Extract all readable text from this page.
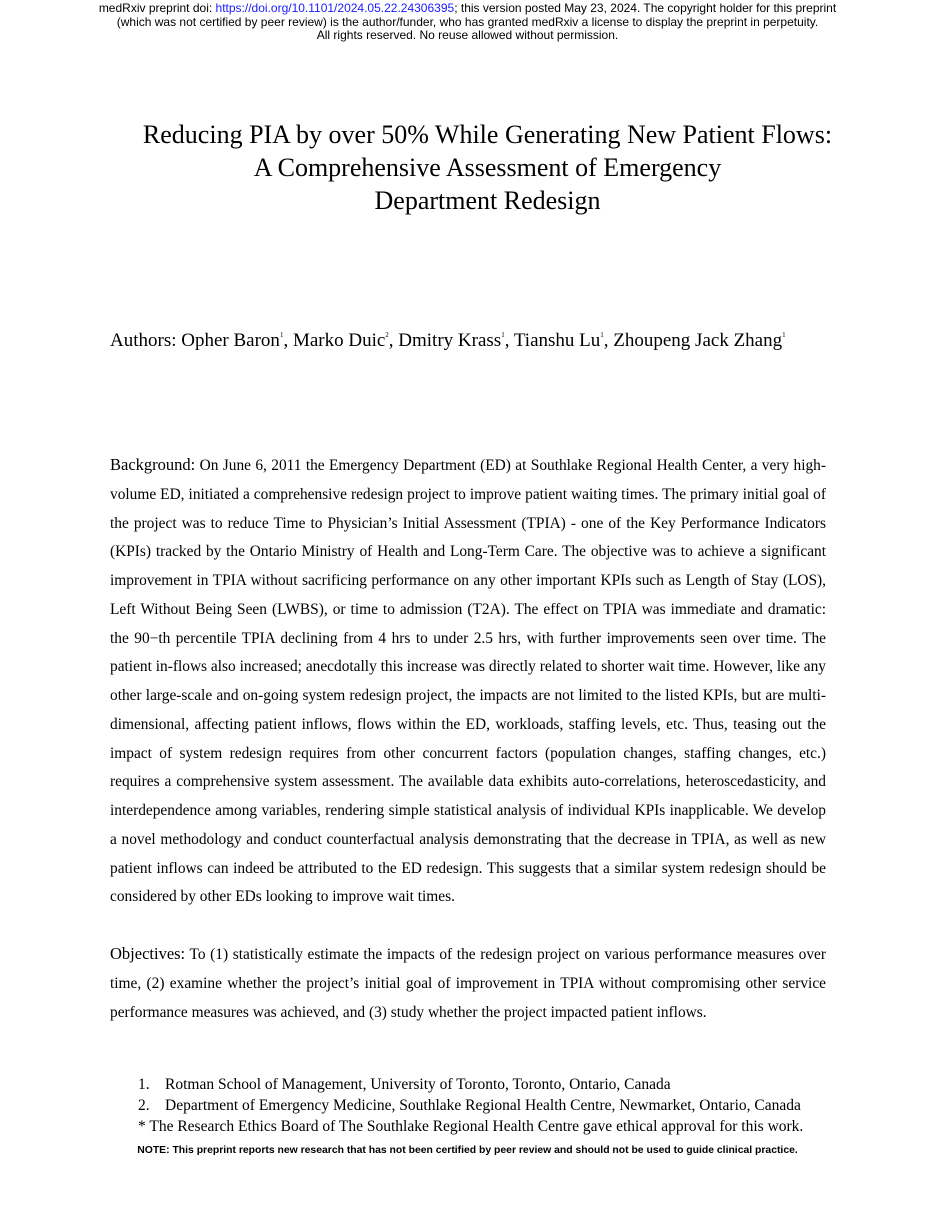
medRxiv preprint doi: https://doi.org/10.1101/2024.05.22.24306395; this version posted May 23, 2024. The copyright holder for this preprint
(which was not certified by peer review) is the author/funder, who has granted medRxiv a license to display the preprint in perpetuity.
All rights reserved. No reuse allowed without permission.
Reducing PIA by over 50% While Generating New Patient Flows:
A Comprehensive Assessment of Emergency
Department Redesign
Authors: Opher Baron$^1$, Marko Duic$^2$, Dmitry Krass$^1$, Tianshu Lu$^1$, Zhoupeng Jack Zhang$^1$
Background: On June 6, 2011 the Emergency Department (ED) at Southlake Regional Health Center, a very high-volume ED, initiated a comprehensive redesign project to improve patient waiting times. The primary initial goal of the project was to reduce Time to Physician’s Initial Assessment (TPIA) - one of the Key Performance Indicators (KPIs) tracked by the Ontario Ministry of Health and Long-Term Care. The objective was to achieve a significant improvement in TPIA without sacrificing performance on any other important KPIs such as Length of Stay (LOS), Left Without Being Seen (LWBS), or time to admission (T2A). The effect on TPIA was immediate and dramatic: the 90−th percentile TPIA declining from 4 hrs to under 2.5 hrs, with further improvements seen over time. The patient in-flows also increased; anecdotally this increase was directly related to shorter wait time. However, like any other large-scale and on-going system redesign project, the impacts are not limited to the listed KPIs, but are multi-dimensional, affecting patient inflows, flows within the ED, workloads, staffing levels, etc. Thus, teasing out the impact of system redesign requires from other concurrent factors (population changes, staffing changes, etc.) requires a comprehensive system assessment. The available data exhibits auto-correlations, heteroscedasticity, and interdependence among variables, rendering simple statistical analysis of individual KPIs inapplicable. We develop a novel methodology and conduct counterfactual analysis demonstrating that the decrease in TPIA, as well as new patient inflows can indeed be attributed to the ED redesign. This suggests that a similar system redesign should be considered by other EDs looking to improve wait times.
Objectives: To (1) statistically estimate the impacts of the redesign project on various performance measures over time, (2) examine whether the project’s initial goal of improvement in TPIA without compromising other service performance measures was achieved, and (3) study whether the project impacted patient inflows.
1. Rotman School of Management, University of Toronto, Toronto, Ontario, Canada
2. Department of Emergency Medicine, Southlake Regional Health Centre, Newmarket, Ontario, Canada
* The Research Ethics Board of The Southlake Regional Health Centre gave ethical approval for this work.
NOTE: This preprint reports new research that has not been certified by peer review and should not be used to guide clinical practice.
